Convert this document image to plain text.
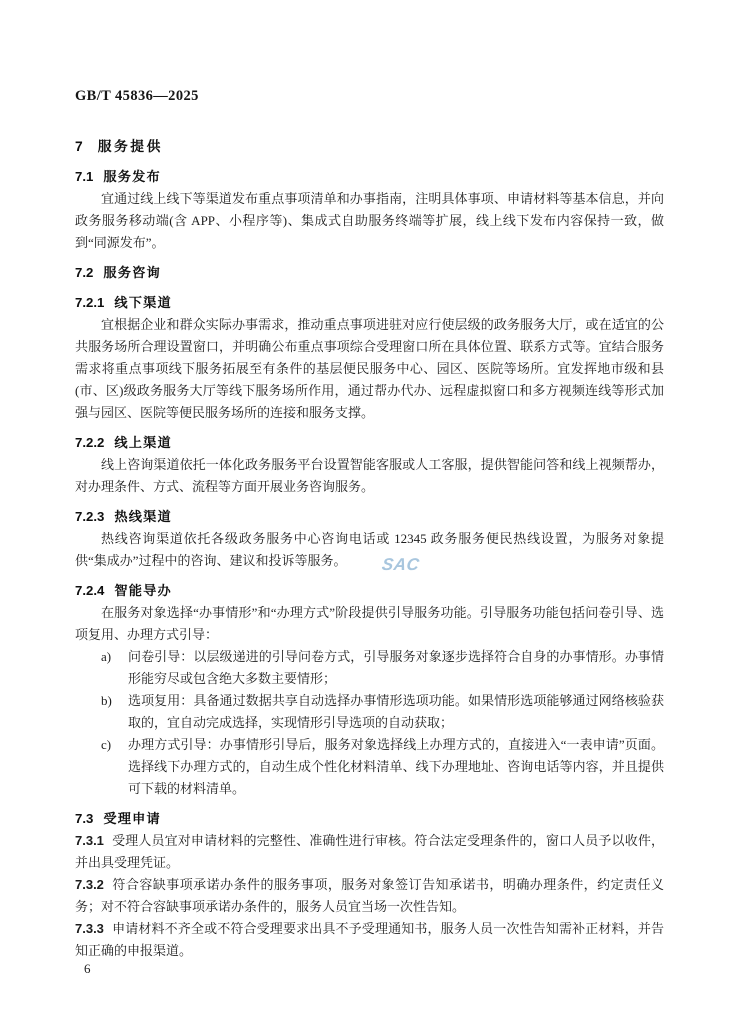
GB/T 45836—2025
7 服务提供
7.1 服务发布

宜通过线上线下等渠道发布重点事项清单和办事指南，注明具体事项、申请材料等基本信息，并向政务服务移动端(含 APP、小程序等)、集成式自助服务终端等扩展，线上线下发布内容保持一致，做到“同源发布”。

7.2 服务咨询
7.2.1 线下渠道

宜根据企业和群众实际办事需求，推动重点事项进驻对应行使层级的政务服务大厅，或在适宜的公共服务场所合理设置窗口，并明确公布重点事项综合受理窗口所在具体位置、联系方式等。宜结合服务需求将重点事项线下服务拓展至有条件的基层便民服务中心、园区、医院等场所。宜发挥地市级和县(市、区)级政务服务大厅等线下服务场所作用，通过帮办代办、远程虚拟窗口和多方视频连线等形式加强与园区、医院等便民服务场所的连接和服务支撑。

7.2.2 线上渠道

线上咨询渠道依托一体化政务服务平台设置智能客服或人工客服，提供智能问答和线上视频帮办，对办理条件、方式、流程等方面开展业务咨询服务。

7.2.3 热线渠道

热线咨询渠道依托各级政务服务中心咨询电话或 12345 政务服务便民热线设置，为服务对象提供“集成办”过程中的咨询、建议和投诉等服务。

7.2.4 智能导办

在服务对象选择“办事情形”和“办理方式”阶段提供引导服务功能。引导服务功能包括问卷引导、选项复用、办理方式引导：

a)	问卷引导：以层级递进的引导问卷方式，引导服务对象逐步选择符合自身的办事情形。办事情形能穷尽或包含绝大多数主要情形；
b)	选项复用：具备通过数据共享自动选择办事情形选项功能。如果情形选项能够通过网络核验获取的，宜自动完成选择，实现情形引导选项的自动获取；
c)	办理方式引导：办事情形引导后，服务对象选择线上办理方式的，直接进入“一表申请”页面。选择线下办理方式的，自动生成个性化材料清单、线下办理地址、咨询电话等内容，并且提供可下载的材料清单。
7.3 受理申请

7.3.1 受理人员宜对申请材料的完整性、准确性进行审核。符合法定受理条件的，窗口人员予以收件，并出具受理凭证。

7.3.2 符合容缺事项承诺办条件的服务事项，服务对象签订告知承诺书，明确办理条件，约定责任义务；对不符合容缺事项承诺办条件的，服务人员宜当场一次性告知。

7.3.3 申请材料不齐全或不符合受理要求出具不予受理通知书，服务人员一次性告知需补正材料，并告知正确的申报渠道。

SAC
6
